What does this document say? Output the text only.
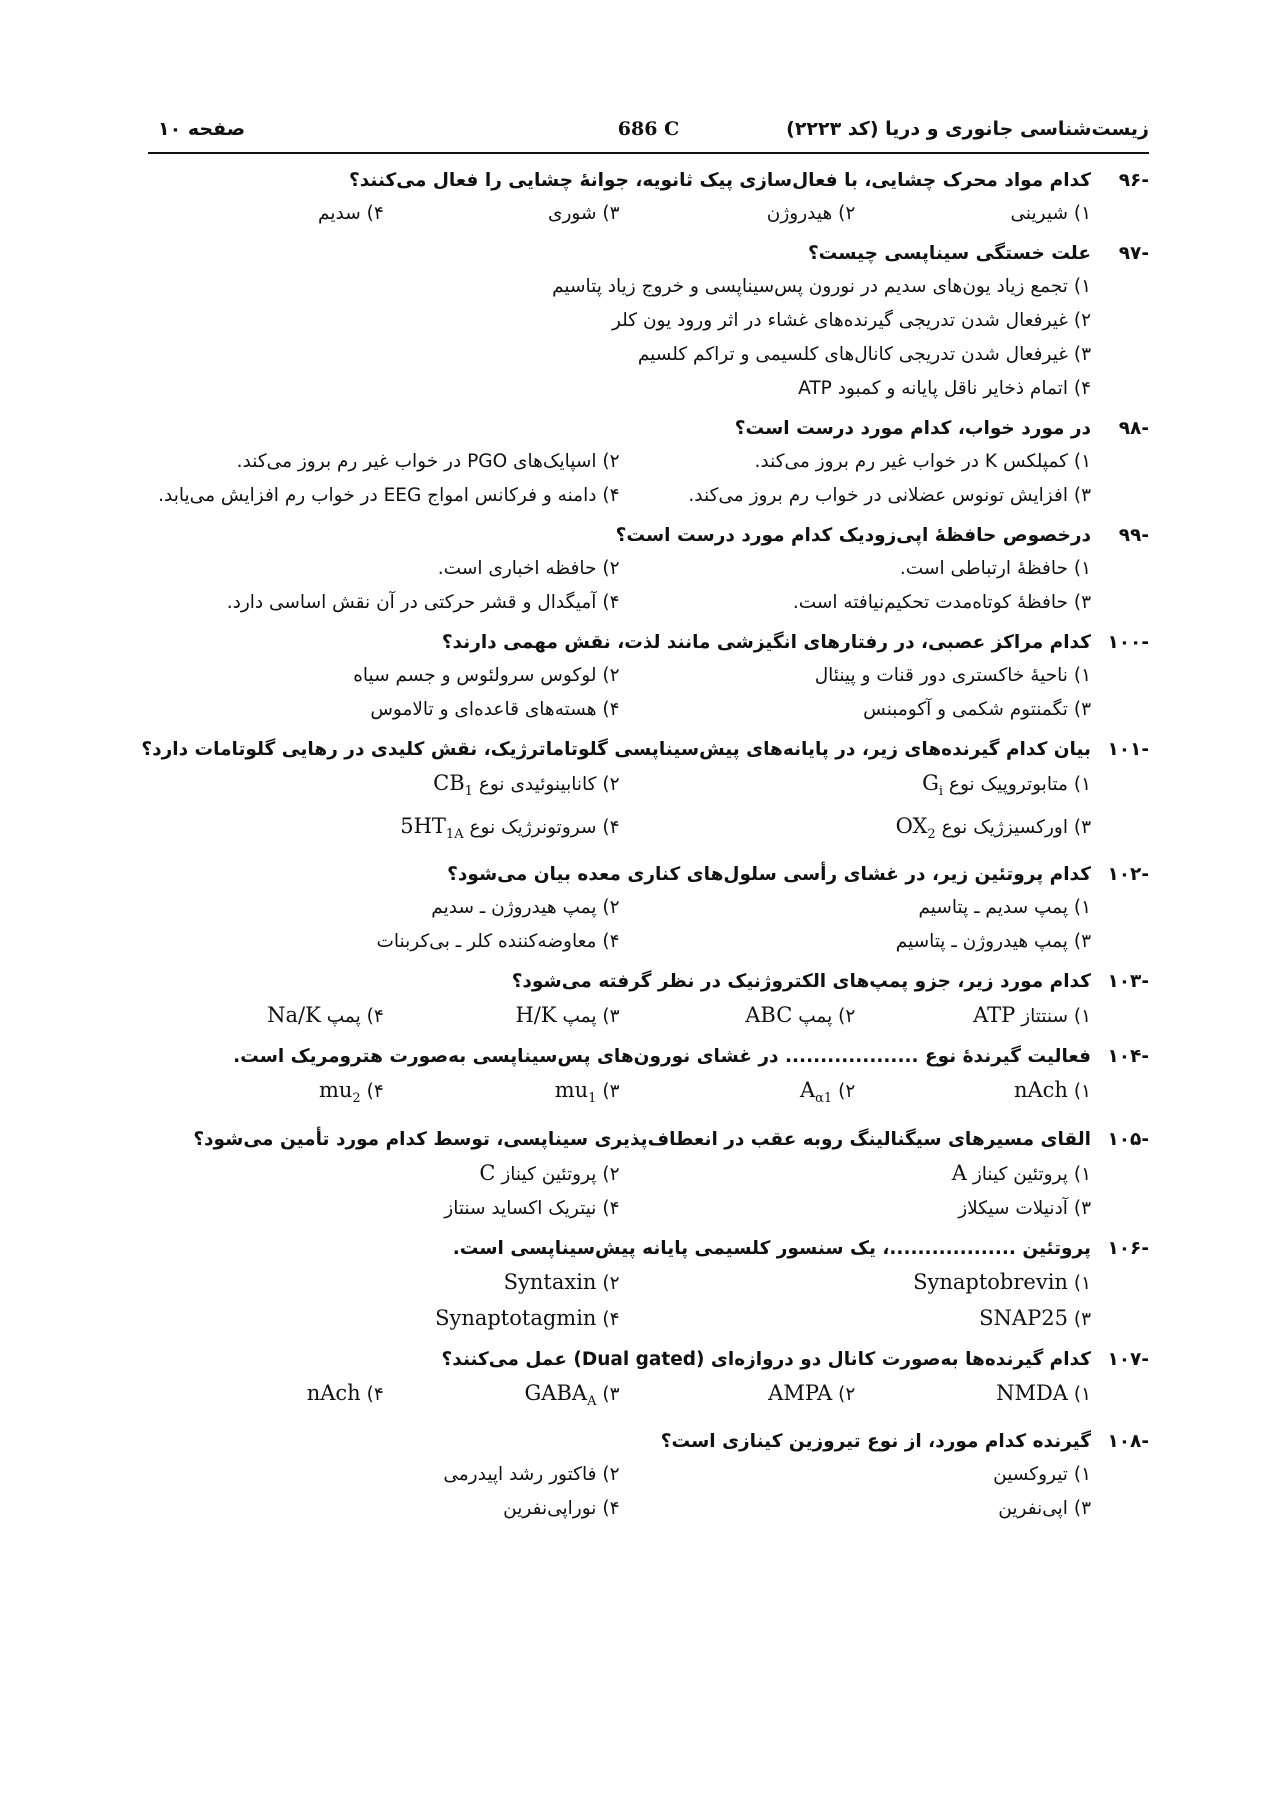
زیست‌شناسی جانوری و دریا (کد ۲۲۲۳)
686 C
صفحه ۱۰
-۹۶
کدام مواد محرک چشایی، با فعال‌سازی پیک ثانویه، جوانهٔ چشایی را فعال می‌کنند؟
۱) شیرینی
۲) هیدروژن
۳) شوری
۴) سدیم
-۹۷
علت خستگی سیناپسی چیست؟
۱) تجمع زیاد یون‌های سدیم در نورون پس‌سیناپسی و خروج زیاد پتاسیم
۲) غیرفعال شدن تدریجی گیرنده‌های غشاء در اثر ورود یون کلر
۳) غیرفعال شدن تدریجی کانال‌های کلسیمی و تراکم کلسیم
۴) اتمام ذخایر ناقل پایانه و کمبود ATP
-۹۸
در مورد خواب، کدام مورد درست است؟
۱) کمپلکس K در خواب غیر رم بروز می‌کند.
۲) اسپایک‌های PGO در خواب غیر رم بروز می‌کند.
۳) افزایش تونوس عضلانی در خواب رم بروز می‌کند.
۴) دامنه و فرکانس امواج EEG در خواب رم افزایش می‌یابد.
-۹۹
درخصوص حافظهٔ اپی‌زودیک کدام مورد درست است؟
۱) حافظهٔ ارتباطی است.
۲) حافظه اخباری است.
۳) حافظهٔ کوتاه‌مدت تحکیم‌نیافته است.
۴) آمیگدال و قشر حرکتی در آن نقش اساسی دارد.
-۱۰۰
کدام مراکز عصبی، در رفتارهای انگیزشی مانند لذت، نقش مهمی دارند؟
۱) ناحیهٔ خاکستری دور قنات و پینئال
۲) لوکوس سرولئوس و جسم سیاه
۳) تگمنتوم شکمی و آکومبنس
۴) هسته‌های قاعده‌ای و تالاموس
-۱۰۱
بیان کدام گیرنده‌های زیر، در پایانه‌های پیش‌سیناپسی گلوتاماترژیک، نقش کلیدی در رهایی گلوتامات دارد؟
۱) متابوتروپیک نوع $G_i$
۲) کانابینوئیدی نوع $CB_1$
۳) اورکسیزژیک نوع $OX_2$
۴) سروتونرژیک نوع $5HT_{1A}$
-۱۰۲
کدام پروتئین زیر، در غشای رأسی سلول‌های کناری معده بیان می‌شود؟
۱) پمپ سدیم ـ پتاسیم
۲) پمپ هیدروژن ـ سدیم
۳) پمپ هیدروژن ـ پتاسیم
۴) معاوضه‌کننده کلر ـ بی‌کربنات
-۱۰۳
کدام مورد زیر، جزو پمپ‌های الکتروژنیک در نظر گرفته می‌شود؟
۱) سنتتاز ATP
۲) پمپ ABC
۳) پمپ H/K
۴) پمپ Na/K
-۱۰۴
فعالیت گیرندهٔ نوع ................... در غشای نورون‌های پس‌سیناپسی به‌صورت هترومریک است.
۱) nAch
۲) $A_{\alpha 1}$
۳) $mu_1$
۴) $mu_2$
-۱۰۵
القای مسیرهای سیگنالینگ روبه عقب در انعطاف‌پذیری سیناپسی، توسط کدام مورد تأمین می‌شود؟
۱) پروتئین کیناز A
۲) پروتئین کیناز C
۳) آدنیلات سیکلاز
۴) نیتریک اکساید سنتاز
-۱۰۶
پروتئین ..................، یک سنسور کلسیمی پایانه پیش‌سیناپسی است.
۱) Synaptobrevin
۲) Syntaxin
۳) SNAP25
۴) Synaptotagmin
-۱۰۷
کدام گیرنده‌ها به‌صورت کانال دو دروازه‌ای (Dual gated) عمل می‌کنند؟
۱) NMDA
۲) AMPA
۳) $GABA_A$
۴) nAch
-۱۰۸
گیرنده کدام مورد، از نوع تیروزین کینازی است؟
۱) تیروکسین
۲) فاکتور رشد اپیدرمی
۳) اپی‌نفرین
۴) نوراپی‌نفرین
